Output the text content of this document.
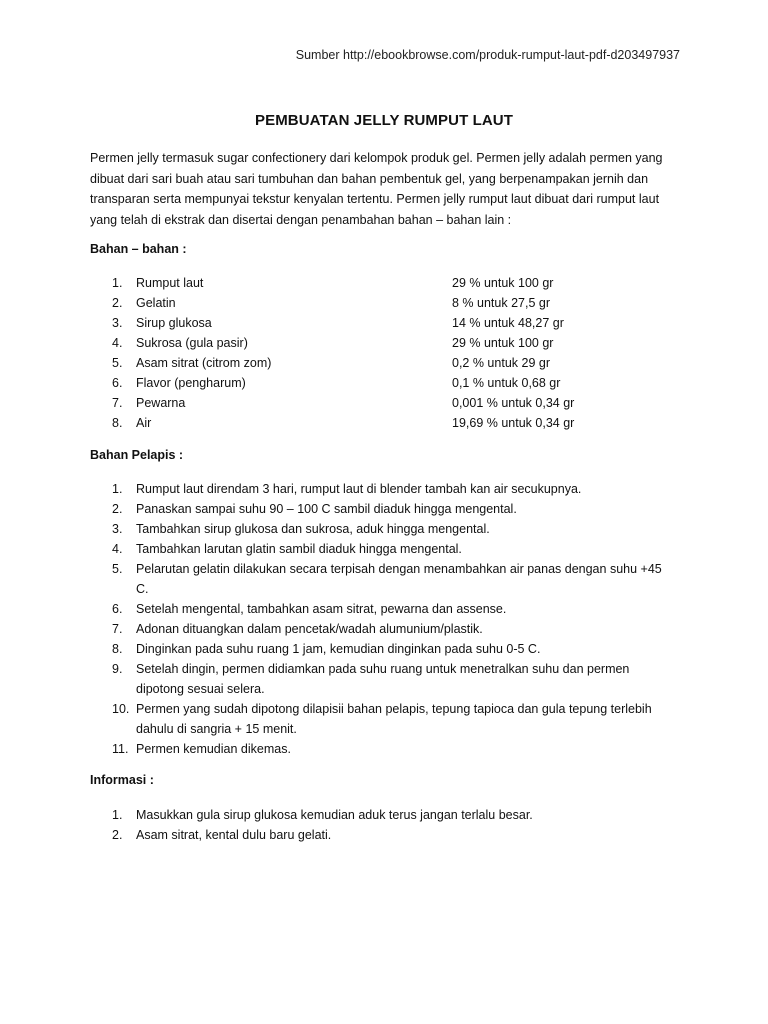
Sumber http://ebookbrowse.com/produk-rumput-laut-pdf-d203497937
PEMBUATAN JELLY RUMPUT LAUT

Permen jelly termasuk sugar confectionery dari kelompok produk gel. Permen jelly adalah permen yang dibuat dari sari buah atau sari tumbuhan dan bahan pembentuk gel, yang berpenampakan jernih dan transparan serta mempunyai tekstur kenyalan tertentu. Permen jelly rumput laut dibuat dari rumput laut yang telah di ekstrak dan disertai dengan penambahan bahan – bahan lain :

Bahan – bahan :
1. Rumput laut	29 % untuk 100 gr
2. Gelatin	8 % untuk 27,5 gr
3. Sirup glukosa	14 % untuk 48,27 gr
4. Sukrosa (gula pasir)	29 % untuk 100 gr
5. Asam sitrat (citrom zom)	0,2 % untuk 29 gr
6. Flavor (pengharum)	0,1 % untuk 0,68 gr
7. Pewarna	0,001 % untuk 0,34 gr
8. Air	19,69 % untuk 0,34 gr
Bahan Pelapis :
1. Rumput laut direndam 3 hari, rumput laut di blender tambah kan air secukupnya.
2. Panaskan sampai suhu 90 – 100 C sambil diaduk hingga mengental.
3. Tambahkan sirup glukosa dan sukrosa, aduk hingga mengental.
4. Tambahkan larutan glatin sambil diaduk hingga mengental.
5. Pelarutan gelatin dilakukan secara terpisah dengan menambahkan air panas dengan suhu +45 C.
6. Setelah mengental, tambahkan asam sitrat, pewarna dan assense.
7. Adonan dituangkan dalam pencetak/wadah alumunium/plastik.
8. Dinginkan pada suhu ruang 1 jam, kemudian dinginkan pada suhu 0-5 C.
9. Setelah dingin, permen didiamkan pada suhu ruang untuk menetralkan suhu dan permen dipotong sesuai selera.
10. Permen yang sudah dipotong dilapisii bahan pelapis, tepung tapioca dan gula tepung terlebih dahulu di sangria + 15 menit.
11. Permen kemudian dikemas.
Informasi :
1. Masukkan gula sirup glukosa kemudian aduk terus jangan terlalu besar.
2. Asam sitrat, kental dulu baru gelati.
